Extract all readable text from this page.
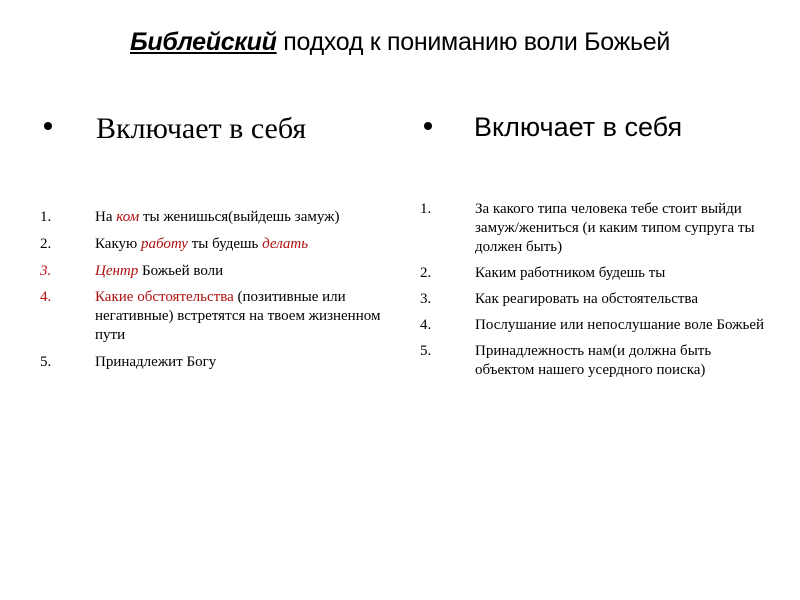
Библейский подход к пониманию воли Божьей
Включает в себя
1.	На ком ты женишься(выйдешь замуж)
2.	Какую работу ты будешь делать
3.	Центр Божьей воли
4.	Какие обстоятельства (позитивные или негативные) встретятся на твоем жизненном пути
5.	Принадлежит Богу
Включает в себя
1.	За какого типа человека тебе стоит выйди замуж/жениться (и каким типом супруга ты должен быть)
2.	Каким работником будешь ты
3.	Как реагировать на обстоятельства
4.	Послушание или непослушание воле Божьей
5.	Принадлежность нам(и должна быть объектом нашего усердного поиска)
